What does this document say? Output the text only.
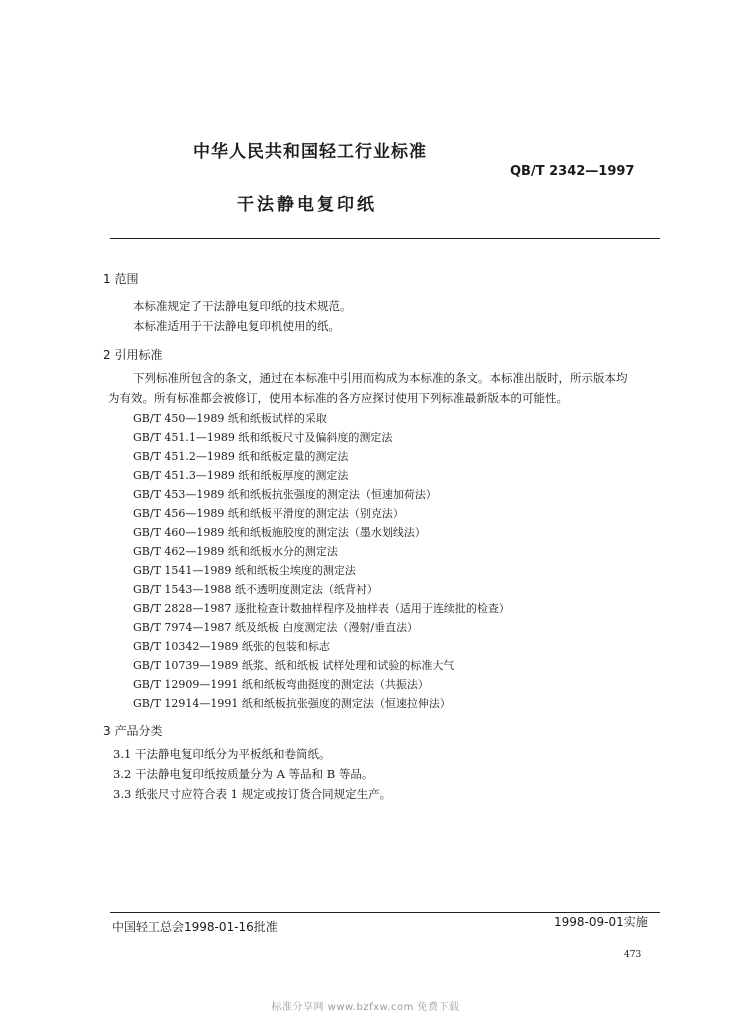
中华人民共和国轻工行业标准
QB/T 2342—1997
干法静电复印纸
1 范围
本标准规定了干法静电复印纸的技术规范。
本标准适用于干法静电复印机使用的纸。
2 引用标准
下列标准所包含的条文，通过在本标准中引用而构成为本标准的条文。本标准出版时，所示版本均
为有效。所有标准都会被修订，使用本标准的各方应探讨使用下列标准最新版本的可能性。
GB/T 450—1989 纸和纸板试样的采取
GB/T 451.1—1989 纸和纸板尺寸及偏斜度的测定法
GB/T 451.2—1989 纸和纸板定量的测定法
GB/T 451.3—1989 纸和纸板厚度的测定法
GB/T 453—1989 纸和纸板抗张强度的测定法（恒速加荷法）
GB/T 456—1989 纸和纸板平滑度的测定法（别克法）
GB/T 460—1989 纸和纸板施胶度的测定法（墨水划线法）
GB/T 462—1989 纸和纸板水分的测定法
GB/T 1541—1989 纸和纸板尘埃度的测定法
GB/T 1543—1988 纸不透明度测定法（纸背衬）
GB/T 2828—1987 逐批检查计数抽样程序及抽样表（适用于连续批的检查）
GB/T 7974—1987 纸及纸板 白度测定法（漫射/垂直法）
GB/T 10342—1989 纸张的包装和标志
GB/T 10739—1989 纸浆、纸和纸板 试样处理和试验的标准大气
GB/T 12909—1991 纸和纸板弯曲挺度的测定法（共振法）
GB/T 12914—1991 纸和纸板抗张强度的测定法（恒速拉伸法）
3 产品分类
3.1 干法静电复印纸分为平板纸和卷筒纸。
3.2 干法静电复印纸按质量分为 A 等品和 B 等品。
3.3 纸张尺寸应符合表 1 规定或按订货合同规定生产。
中国轻工总会1998-01-16批准	1998-09-01实施
473
标准分享网 www.bzfxw.com 免费下载
